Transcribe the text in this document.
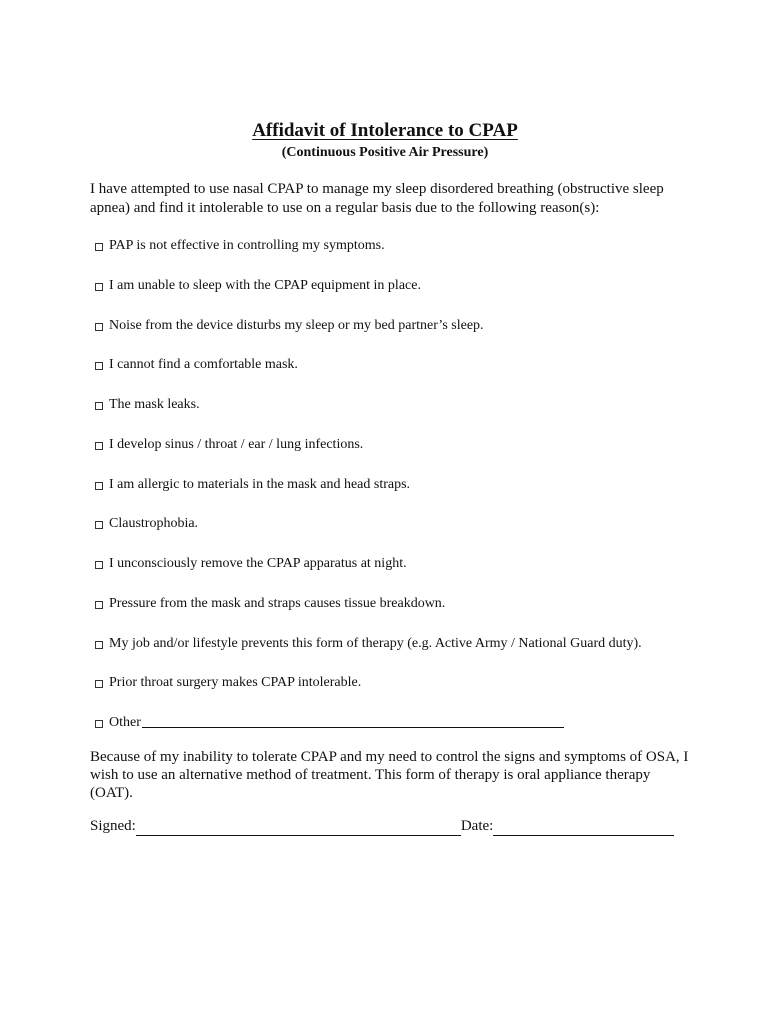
Affidavit of Intolerance to CPAP
(Continuous Positive Air Pressure)
I have attempted to use nasal CPAP to manage my sleep disordered breathing (obstructive sleep apnea) and find it intolerable to use on a regular basis due to the following reason(s):
PAP is not effective in controlling my symptoms.
I am unable to sleep with the CPAP equipment in place.
Noise from the device disturbs my sleep or my bed partner’s sleep.
I cannot find a comfortable mask.
The mask leaks.
I develop sinus / throat / ear / lung infections.
I am allergic to materials in the mask and head straps.
Claustrophobia.
I unconsciously remove the CPAP apparatus at night.
Pressure from the mask and straps causes tissue breakdown.
My job and/or lifestyle prevents this form of therapy (e.g. Active Army / National Guard duty).
Prior throat surgery makes CPAP intolerable.
Other
Because of my inability to tolerate CPAP and my need to control the signs and symptoms of OSA, I wish to use an alternative method of treatment. This form of therapy is oral appliance therapy (OAT).
Signed:	Date:
